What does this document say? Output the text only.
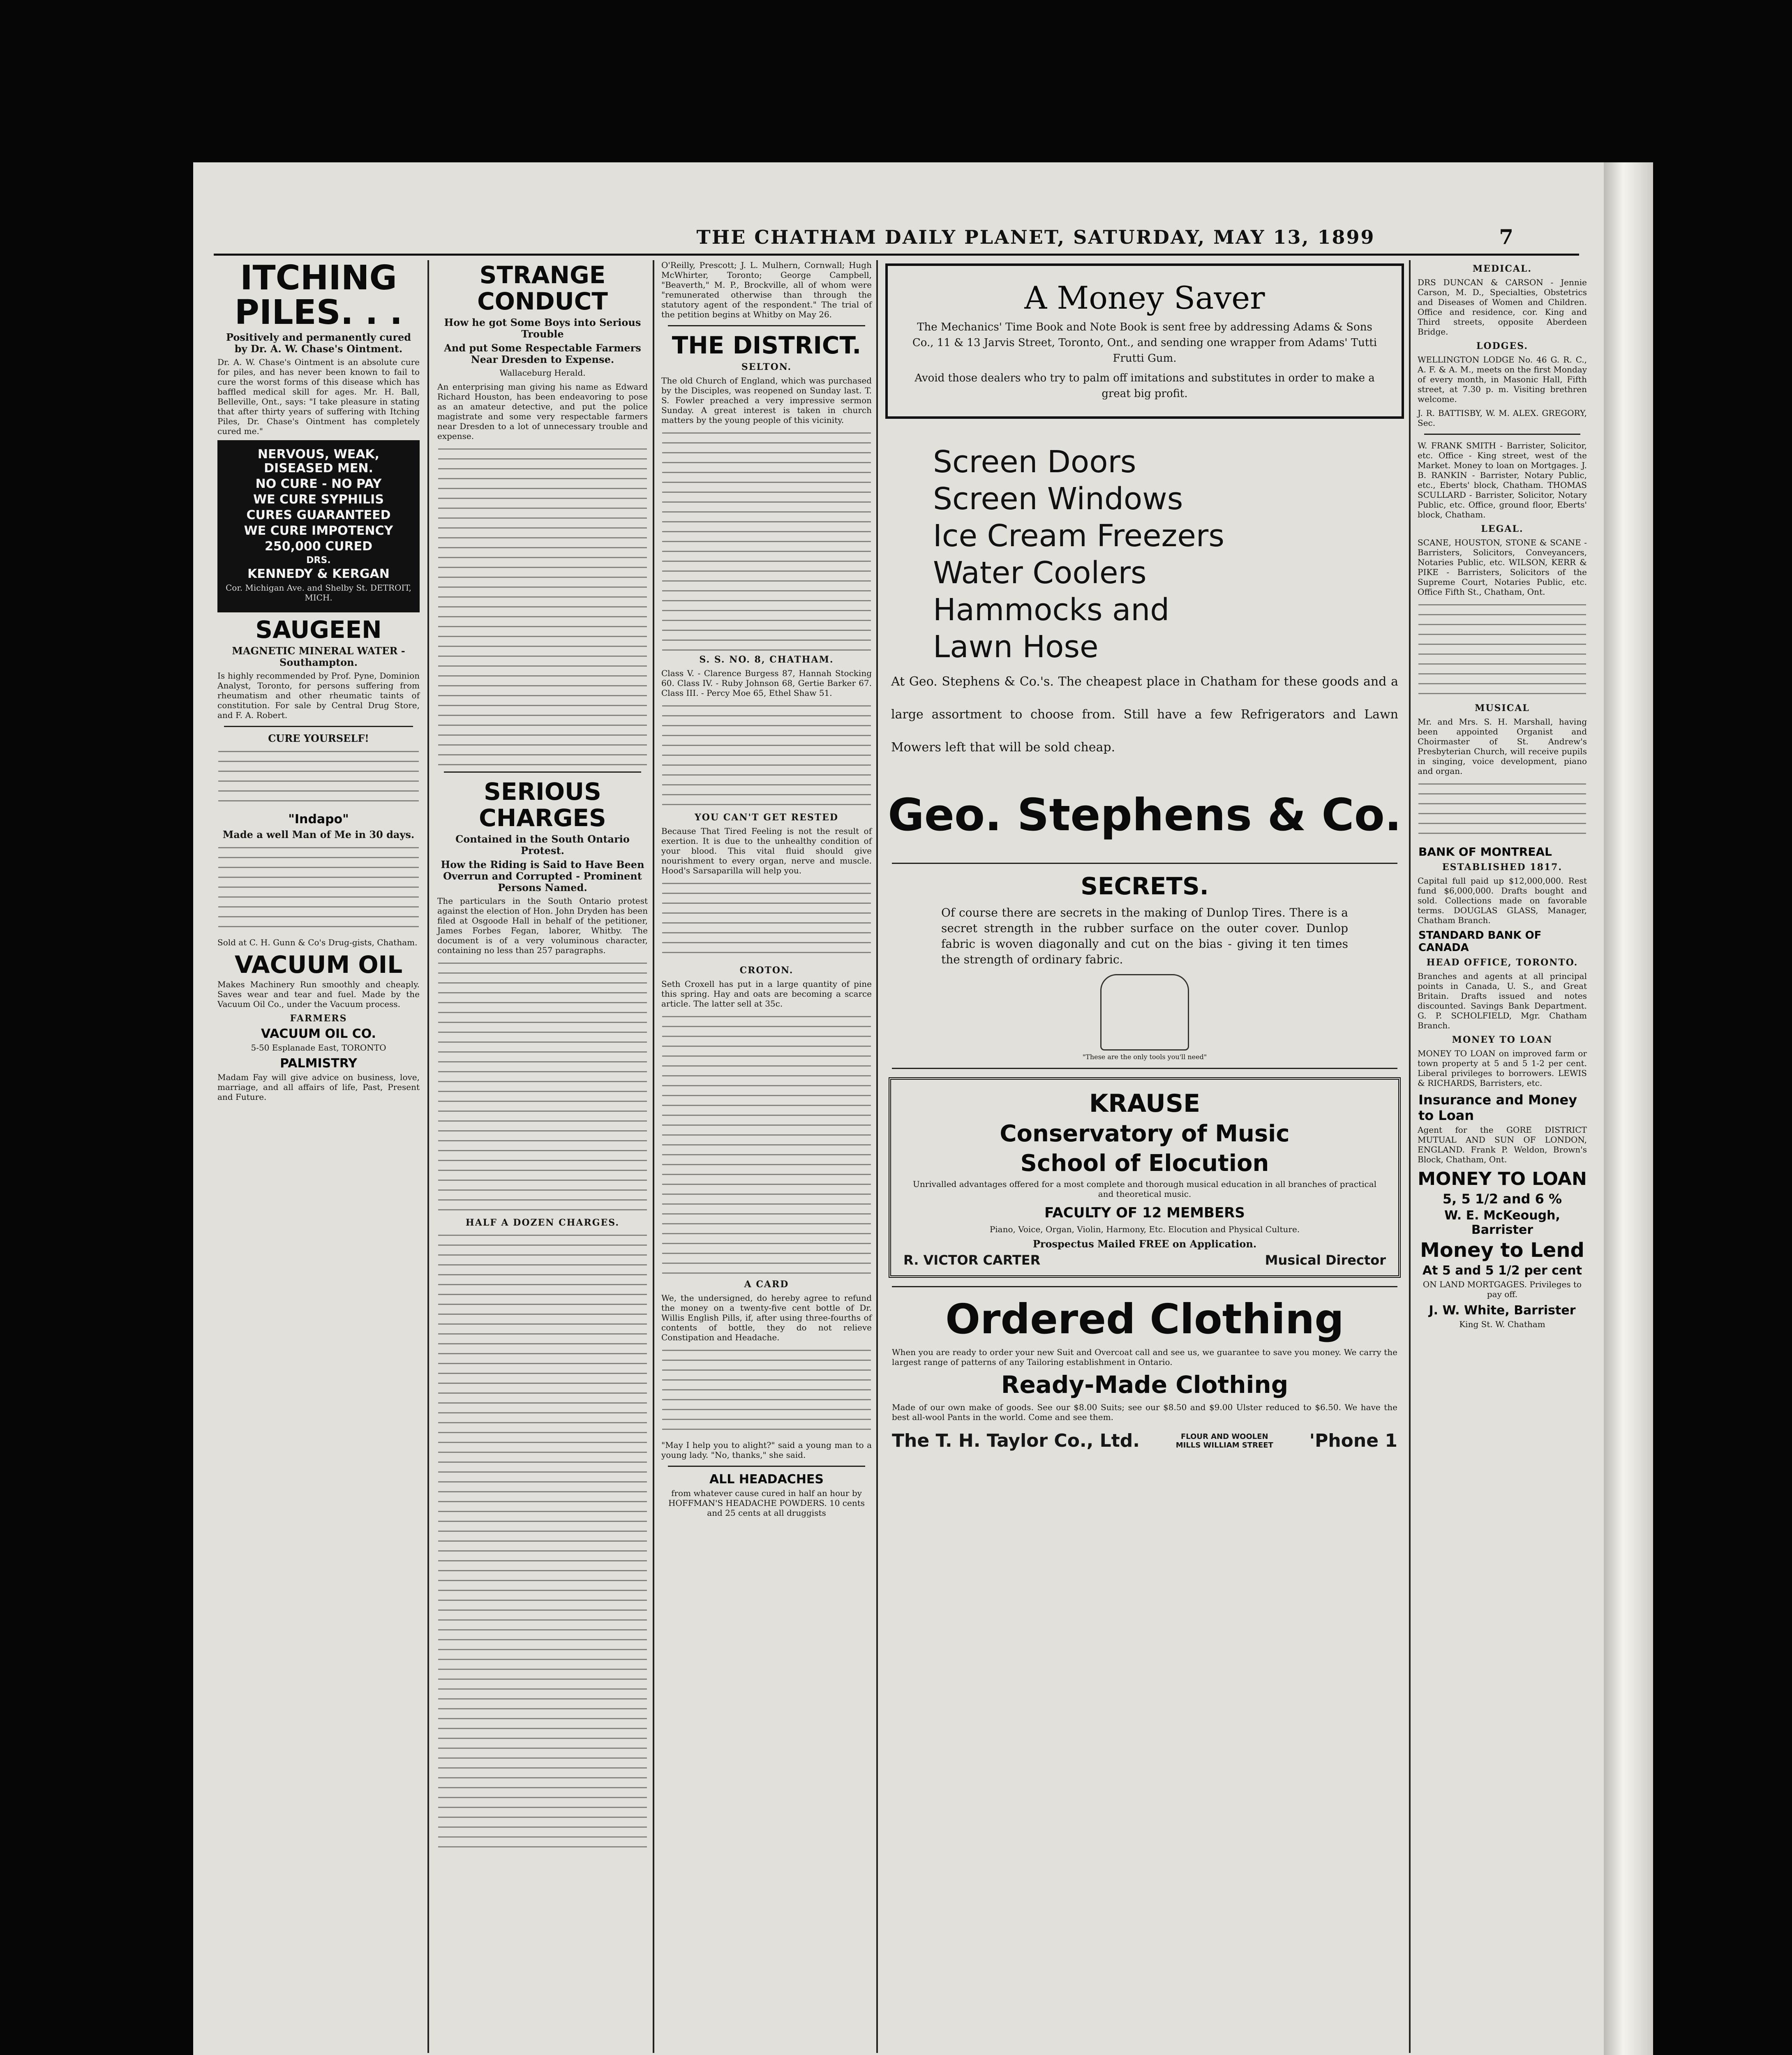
THE CHATHAM DAILY PLANET, SATURDAY, MAY 13, 1899	7
ITCHING
PILES. . .
Positively and permanently cured by Dr. A. W. Chase's Ointment.

Dr. A. W. Chase's Ointment is an absolute cure for piles, and has never been known to fail to cure the worst forms of this disease which has baffled medical skill for ages. Mr. H. Ball, Belleville, Ont., says: "I take pleasure in stating that after thirty years of suffering with Itching Piles, Dr. Chase's Ointment has completely cured me."

NERVOUS, WEAK, DISEASED MEN.
NO CURE - NO PAY
WE CURE SYPHILIS
CURES GUARANTEED
WE CURE IMPOTENCY
250,000 CURED
DRS.
KENNEDY & KERGAN
Cor. Michigan Ave. and Shelby St. DETROIT, MICH.
SAUGEEN
MAGNETIC MINERAL WATER - Southampton.

Is highly recommended by Prof. Pyne, Dominion Analyst, Toronto, for persons suffering from rheumatism and other rheumatic taints of constitution. For sale by Central Drug Store, and F. A. Robert.

CURE YOURSELF!
"Indapo"
Made a well Man of Me in 30 days.

Sold at C. H. Gunn & Co's Drug-gists, Chatham.

VACUUM OIL

Makes Machinery Run smoothly and cheaply. Saves wear and tear and fuel. Made by the Vacuum Oil Co., under the Vacuum process.

FARMERS
VACUUM OIL CO.
5-50 Esplanade East, TORONTO
PALMISTRY

Madam Fay will give advice on business, love, marriage, and all affairs of life, Past, Present and Future.

STRANGE CONDUCT
How he got Some Boys into Serious Trouble
And put Some Respectable Farmers Near Dresden to Expense.
Wallaceburg Herald.

An enterprising man giving his name as Edward Richard Houston, has been endeavoring to pose as an amateur detective, and put the police magistrate and some very respectable farmers near Dresden to a lot of unnecessary trouble and expense.

SERIOUS CHARGES
Contained in the South Ontario Protest.
How the Riding is Said to Have Been Overrun and Corrupted - Prominent Persons Named.

The particulars in the South Ontario protest against the election of Hon. John Dryden has been filed at Osgoode Hall in behalf of the petitioner, James Forbes Fegan, laborer, Whitby. The document is of a very voluminous character, containing no less than 257 paragraphs.

HALF A DOZEN CHARGES.

O'Reilly, Prescott; J. L. Mulhern, Cornwall; Hugh McWhirter, Toronto; George Campbell, "Beaverth," M. P., Brockville, all of whom were "remunerated otherwise than through the statutory agent of the respondent." The trial of the petition begins at Whitby on May 26.

THE DISTRICT.
SELTON.

The old Church of England, which was purchased by the Disciples, was reopened on Sunday last. T. S. Fowler preached a very impressive sermon Sunday. A great interest is taken in church matters by the young people of this vicinity.

S. S. NO. 8, CHATHAM.

Class V. - Clarence Burgess 87, Hannah Stocking 60. Class IV. - Ruby Johnson 68, Gertie Barker 67. Class III. - Percy Moe 65, Ethel Shaw 51.

YOU CAN'T GET RESTED

Because That Tired Feeling is not the result of exertion. It is due to the unhealthy condition of your blood. This vital fluid should give nourishment to every organ, nerve and muscle. Hood's Sarsaparilla will help you.

CROTON.

Seth Croxell has put in a large quantity of pine this spring. Hay and oats are becoming a scarce article. The latter sell at 35c.

A CARD

We, the undersigned, do hereby agree to refund the money on a twenty-five cent bottle of Dr. Willis English Pills, if, after using three-fourths of contents of bottle, they do not relieve Constipation and Headache.

"May I help you to alight?" said a young man to a young lady. "No, thanks," she said.

ALL HEADACHES

from whatever cause cured in half an hour by HOFFMAN'S HEADACHE POWDERS. 10 cents and 25 cents at all druggists

A Money Saver

The Mechanics' Time Book and Note Book is sent free by addressing Adams & Sons Co., 11 & 13 Jarvis Street, Toronto, Ont., and sending one wrapper from Adams' Tutti Frutti Gum.

Avoid those dealers who try to palm off imitations and substitutes in order to make a great big profit.

Screen Doors
Screen Windows
Ice Cream Freezers
Water Coolers
Hammocks and
Lawn Hose

At Geo. Stephens & Co.'s. The cheapest place in Chatham for these goods and a large assortment to choose from. Still have a few Refrigerators and Lawn Mowers left that will be sold cheap.

Geo. Stephens & Co.
SECRETS.

Of course there are secrets in the making of Dunlop Tires. There is a secret strength in the rubber surface on the outer cover. Dunlop fabric is woven diagonally and cut on the bias - giving it ten times the strength of ordinary fabric.

"These are the only tools you'll need"
KRAUSE
Conservatory of Music
School of Elocution

Unrivalled advantages offered for a most complete and thorough musical education in all branches of practical and theoretical music.

FACULTY OF 12 MEMBERS

Piano, Voice, Organ, Violin, Harmony, Etc. Elocution and Physical Culture.

Prospectus Mailed FREE on Application.
R. VICTOR CARTER	Musical Director
Ordered Clothing

When you are ready to order your new Suit and Overcoat call and see us, we guarantee to save you money. We carry the largest range of patterns of any Tailoring establishment in Ontario.

Ready-Made Clothing

Made of our own make of goods. See our $8.00 Suits; see our $8.50 and $9.00 Ulster reduced to $6.50. We have the best all-wool Pants in the world. Come and see them.

The T. H. Taylor Co., Ltd.	FLOUR AND WOOLEN MILLS WILLIAM STREET 'Phone 1
MEDICAL.

DRS DUNCAN & CARSON - Jennie Carson, M. D., Specialties, Obstetrics and Diseases of Women and Children. Office and residence, cor. King and Third streets, opposite Aberdeen Bridge.

LODGES.

WELLINGTON LODGE No. 46 G. R. C., A. F. & A. M., meets on the first Monday of every month, in Masonic Hall, Fifth street, at 7.30 p. m. Visiting brethren welcome.

J. R. BATTISBY, W. M. ALEX. GREGORY, Sec.

W. FRANK SMITH - Barrister, Solicitor, etc. Office - King street, west of the Market. Money to loan on Mortgages. J. B. RANKIN - Barrister, Notary Public, etc., Eberts' block, Chatham. THOMAS SCULLARD - Barrister, Solicitor, Notary Public, etc. Office, ground floor, Eberts' block, Chatham.

LEGAL.

SCANE, HOUSTON, STONE & SCANE - Barristers, Solicitors, Conveyancers, Notaries Public, etc. WILSON, KERR & PIKE - Barristers, Solicitors of the Supreme Court, Notaries Public, etc. Office Fifth St., Chatham, Ont.

MUSICAL

Mr. and Mrs. S. H. Marshall, having been appointed Organist and Choirmaster of St. Andrew's Presbyterian Church, will receive pupils in singing, voice development, piano and organ.

BANK OF MONTREAL
ESTABLISHED 1817.

Capital full paid up $12,000,000. Rest fund $6,000,000. Drafts bought and sold. Collections made on favorable terms. DOUGLAS GLASS, Manager, Chatham Branch.

STANDARD BANK OF CANADA
HEAD OFFICE, TORONTO.

Branches and agents at all principal points in Canada, U. S., and Great Britain. Drafts issued and notes discounted. Savings Bank Department. G. P. SCHOLFIELD, Mgr. Chatham Branch.

MONEY TO LOAN

MONEY TO LOAN on improved farm or town property at 5 and 5 1-2 per cent. Liberal privileges to borrowers. LEWIS & RICHARDS, Barristers, etc.

Insurance and Money to Loan

Agent for the GORE DISTRICT MUTUAL AND SUN OF LONDON, ENGLAND. Frank P. Weldon, Brown's Block, Chatham, Ont.

MONEY TO LOAN
5, 5 1/2 and 6 %
W. E. McKeough, Barrister
Money to Lend
At 5 and 5 1/2 per cent

ON LAND MORTGAGES. Privileges to pay off.

J. W. White, Barrister
King St. W. Chatham
